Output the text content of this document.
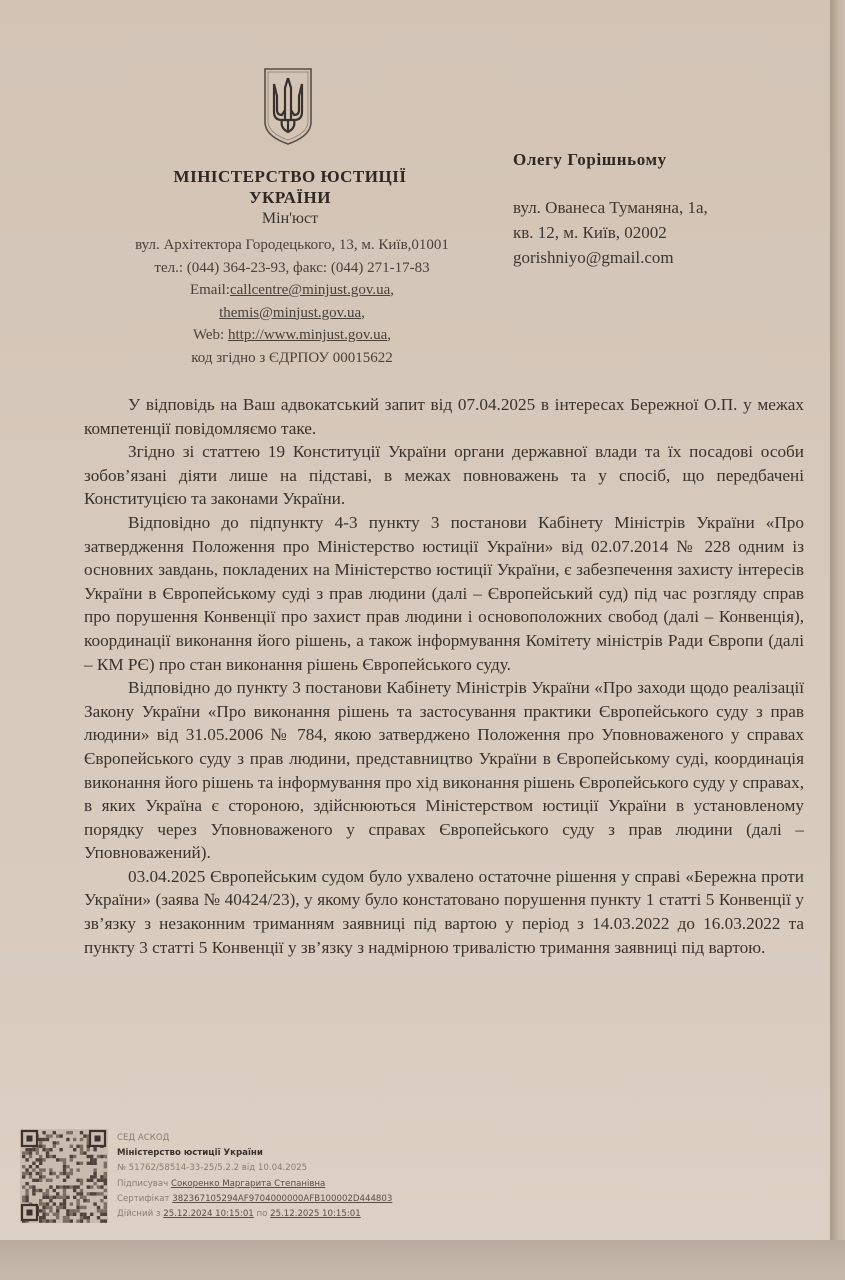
МІНІСТЕРСТВО ЮСТИЦІЇ
УКРАЇНИ
Мін'юст
вул. Архітектора Городецького, 13, м. Київ,01001
тел.: (044) 364-23-93, факс: (044) 271-17-83
Email:callcentre@minjust.gov.ua,
themis@minjust.gov.ua,
Web: http://www.minjust.gov.ua,
код згідно з ЄДРПОУ 00015622
Олегу Горішньому
вул. Ованеса Туманяна, 1а,
кв. 12, м. Київ, 02002
gorishniyo@gmail.com

У відповідь на Ваш адвокатський запит від 07.04.2025 в інтересах Бережної О.П. у межах компетенції повідомляємо таке.

Згідно зі статтею 19 Конституції України органи державної влади та їх посадові особи зобов’язані діяти лише на підставі, в межах повноважень та у спосіб, що передбачені Конституцією та законами України.

Відповідно до підпункту 4-3 пункту 3 постанови Кабінету Міністрів України «Про затвердження Положення про Міністерство юстиції України» від 02.07.2014 № 228 одним із основних завдань, покладених на Міністерство юстиції України, є забезпечення захисту інтересів України в Європейському суді з прав людини (далі – Європейський суд) під час розгляду справ про порушення Конвенції про захист прав людини і основоположних свобод (далі – Конвенція), координації виконання його рішень, а також інформування Комітету міністрів Ради Європи (далі – КМ РЄ) про стан виконання рішень Європейського суду.

Відповідно до пункту 3 постанови Кабінету Міністрів України «Про заходи щодо реалізації Закону України «Про виконання рішень та застосування практики Європейського суду з прав людини» від 31.05.2006 № 784, якою затверджено Положення про Уповноваженого у справах Європейського суду з прав людини, представництво України в Європейському суді, координація виконання його рішень та інформування про хід виконання рішень Європейського суду у справах, в яких Україна є стороною, здійснюються Міністерством юстиції України в установленому порядку через Уповноваженого у справах Європейського суду з прав людини (далі – Уповноважений).

03.04.2025 Європейським судом було ухвалено остаточне рішення у справі «Бережна проти України» (заява № 40424/23), у якому було констатовано порушення пункту 1 статті 5 Конвенції у зв’язку з незаконним триманням заявниці під вартою у період з 14.03.2022 до 16.03.2022 та пункту 3 статті 5 Конвенції у зв’язку з надмірною тривалістю тримання заявниці під вартою.

СЕД АСКОД
Міністерство юстиції України
№ 51762/58514-33-25/5.2.2 від 10.04.2025
Підписувач Сокоренко Маргарита Степанівна
Сертифікат 382367105294AF9704000000AFB100002D444803
Дійсний з 25.12.2024 10:15:01 по 25.12.2025 10:15:01
